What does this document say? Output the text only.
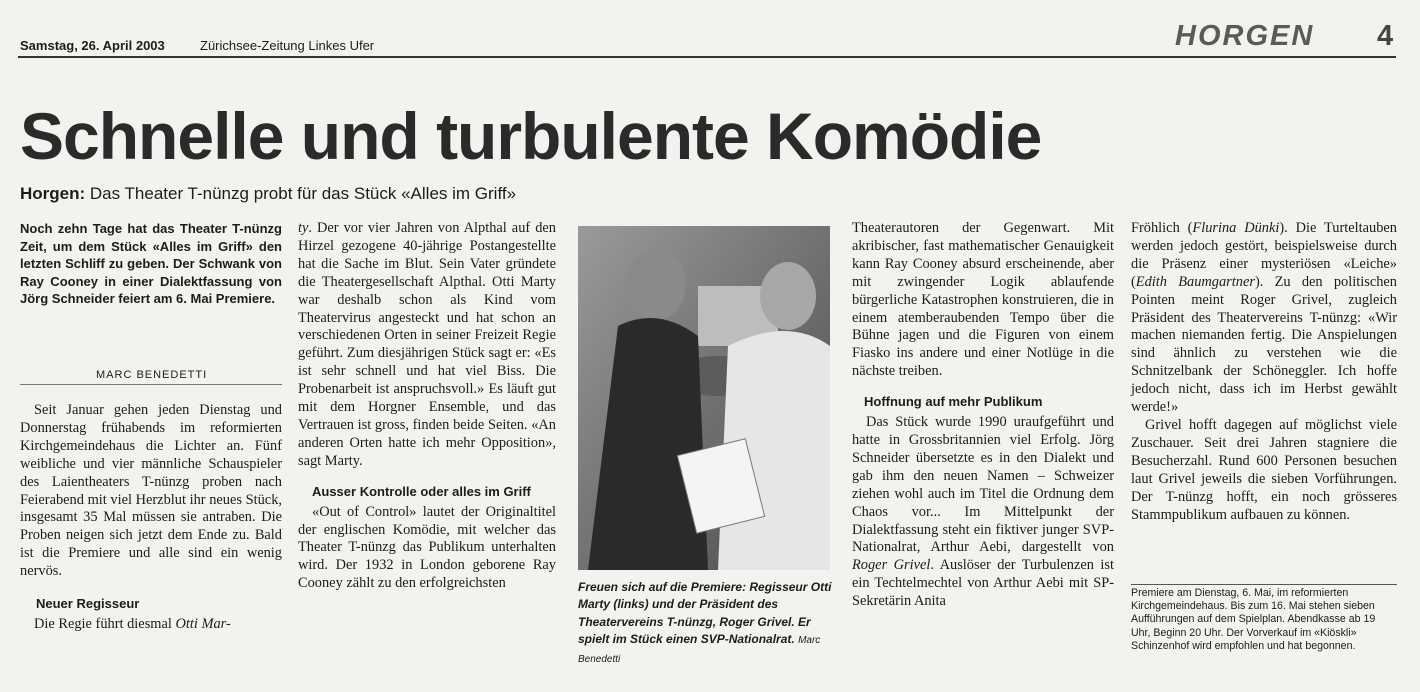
Samstag, 26. April 2003	Zürichsee-Zeitung Linkes Ufer	HORGEN 4
Schnelle und turbulente Komödie
Horgen: Das Theater T-nünzg probt für das Stück «Alles im Griff»
Noch zehn Tage hat das Theater T-nünzg Zeit, um dem Stück «Alles im Griff» den letzten Schliff zu geben. Der Schwank von Ray Cooney in einer Dialektfassung von Jörg Schneider feiert am 6. Mai Premiere.
MARC BENEDETTI

Seit Januar gehen jeden Dienstag und Donnerstag frühabends im reformierten Kirchgemeindehaus die Lichter an. Fünf weibliche und vier männliche Schauspieler des Laientheaters T-nünzg proben nach Feierabend mit viel Herzblut ihr neues Stück, insgesamt 35 Mal müssen sie antraben. Die Proben neigen sich jetzt dem Ende zu. Bald ist die Premiere und alle sind ein wenig nervös.

Neuer Regisseur

Die Regie führt diesmal Otti Mar-

ty. Der vor vier Jahren von Alpthal auf den Hirzel gezogene 40-jährige Postangestellte hat die Sache im Blut. Sein Vater gründete die Theatergesellschaft Alpthal. Otti Marty war deshalb schon als Kind vom Theatervirus angesteckt und hat schon an verschiedenen Orten in seiner Freizeit Regie geführt. Zum diesjährigen Stück sagt er: «Es ist sehr schnell und hat viel Biss. Die Probenarbeit ist anspruchsvoll.» Es läuft gut mit dem Horgner Ensemble, und das Vertrauen ist gross, finden beide Seiten. «An anderen Orten hatte ich mehr Opposition», sagt Marty.

Ausser Kontrolle oder alles im Griff

«Out of Control» lautet der Originaltitel der englischen Komödie, mit welcher das Theater T-nünzg das Publikum unterhalten wird. Der 1932 in London geborene Ray Cooney zählt zu den erfolgreichsten	Freuen sich auf die Premiere: Regisseur Otti Marty (links) und der Präsident des Theatervereins T-nünzg, Roger Grivel. Er spielt im Stück einen SVP-Nationalrat. Marc Benedetti

Theaterautoren der Gegenwart. Mit akribischer, fast mathematischer Genauigkeit kann Ray Cooney absurd erscheinende, aber mit zwingender Logik ablaufende bürgerliche Katastrophen konstruieren, die in einem atemberaubenden Tempo über die Bühne jagen und die Figuren von einem Fiasko ins andere und einer Notlüge in die nächste treiben.

Hoffnung auf mehr Publikum

Das Stück wurde 1990 uraufgeführt und hatte in Grossbritannien viel Erfolg. Jörg Schneider übersetzte es in den Dialekt und gab ihm den neuen Namen – Schweizer ziehen wohl auch im Titel die Ordnung dem Chaos vor... Im Mittelpunkt der Dialektfassung steht ein fiktiver junger SVP-Nationalrat, Arthur Aebi, dargestellt von Roger Grivel. Auslöser der Turbulenzen ist ein Techtelmechtel von Arthur Aebi mit SP-Sekretärin Anita

Fröhlich (Flurina Dünki). Die Turteltauben werden jedoch gestört, beispielsweise durch die Präsenz einer mysteriösen «Leiche» (Edith Baumgartner). Zu den politischen Pointen meint Roger Grivel, zugleich Präsident des Theatervereins T-nünzg: «Wir machen niemanden fertig. Die Anspielungen sind ähnlich zu verstehen wie die Schnitzelbank der Schöneggler. Ich hoffe jedoch nicht, dass ich im Herbst gewählt werde!»

Grivel hofft dagegen auf möglichst viele Zuschauer. Seit drei Jahren stagniere die Besucherzahl. Rund 600 Personen besuchen laut Grivel jeweils die sieben Vorführungen. Der T-nünzg hofft, ein noch grösseres Stammpublikum aufbauen zu können.

Premiere am Dienstag, 6. Mai, im reformierten Kirchgemeindehaus. Bis zum 16. Mai stehen sieben Aufführungen auf dem Spielplan. Abendkasse ab 19 Uhr, Beginn 20 Uhr. Der Vorverkauf im «Kiöskli» Schinzenhof wird empfohlen und hat begonnen.
